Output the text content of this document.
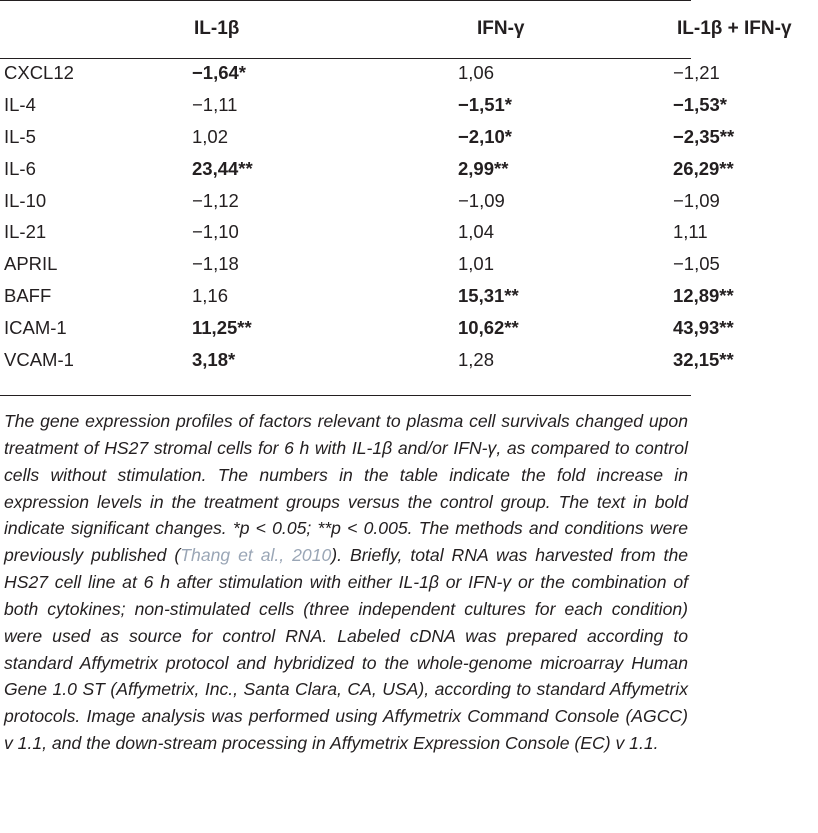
	IL-1β	IFN-γ	IL-1β + IFN-γ
CXCL12	−1,64*	1,06	−1,21
IL-4	−1,11	−1,51*	−1,53*
IL-5	1,02	−2,10*	−2,35**
IL-6	23,44**	2,99**	26,29**
IL-10	−1,12	−1,09	−1,09
IL-21	−1,10	1,04	1,11
APRIL	−1,18	1,01	−1,05
BAFF	1,16	15,31**	12,89**
ICAM-1	11,25**	10,62**	43,93**
VCAM-1	3,18*	1,28	32,15**

The gene expression profiles of factors relevant to plasma cell survivals changed upon treatment of HS27 stromal cells for 6 h with IL-1β and/or IFN-γ, as compared to control cells without stimulation. The numbers in the table indicate the fold increase in expression levels in the treatment groups versus the control group. The text in bold indicate significant changes. *p < 0.05; **p < 0.005. The methods and conditions were previously published (Thang et al., 2010). Briefly, total RNA was harvested from the HS27 cell line at 6 h after stimulation with either IL-1β or IFN-γ or the combination of both cytokines; non-stimulated cells (three independent cultures for each condition) were used as source for control RNA. Labeled cDNA was prepared according to standard Affymetrix protocol and hybridized to the whole-genome microarray Human Gene 1.0 ST (Affymetrix, Inc., Santa Clara, CA, USA), according to standard Affymetrix protocols. Image analysis was performed using Affymetrix Command Console (AGCC) v 1.1, and the down-stream processing in Affymetrix Expression Console (EC) v 1.1.
